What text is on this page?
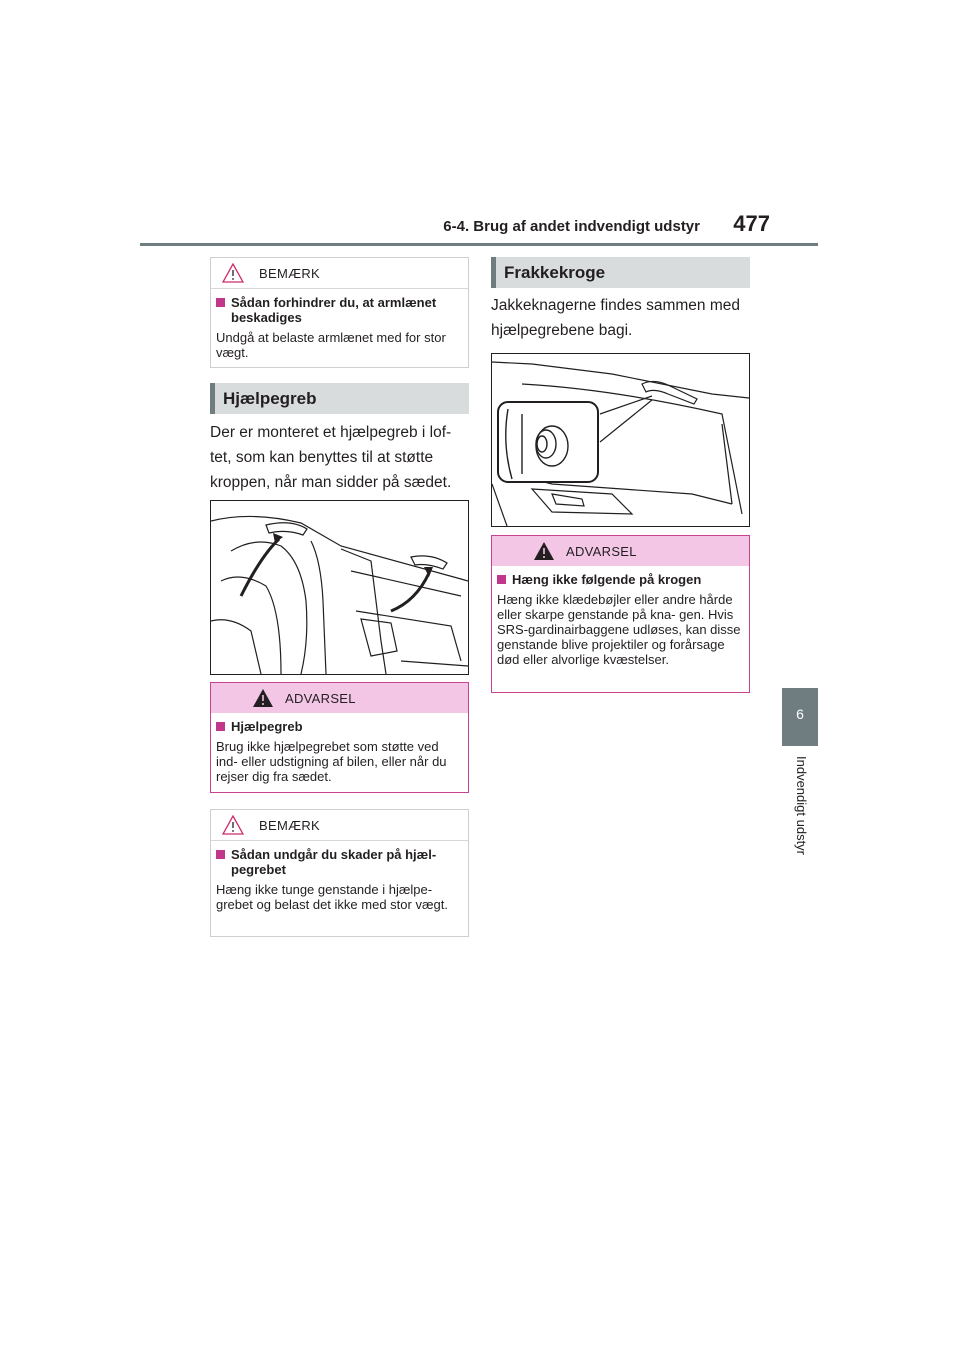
6-4. Brug af andet indvendigt udstyr	477
6
Indvendigt udstyr
BEMÆRK
Sådan forhindrer du, at armlænet beskadiges
Undgå at belaste armlænet med for stor vægt.
Hjælpegreb
Der er monteret et hjælpegreb i lof- tet, som kan benyttes til at støtte kroppen, når man sidder på sædet.
ADVARSEL
Hjælpegreb
Brug ikke hjælpegrebet som støtte ved ind- eller udstigning af bilen, eller når du rejser dig fra sædet.
BEMÆRK
Sådan undgår du skader på hjæl- pegrebet
Hæng ikke tunge genstande i hjælpe- grebet og belast det ikke med stor vægt.
Frakkekroge
Jakkeknagerne findes sammen med hjælpegrebene bagi.
ADVARSEL
Hæng ikke følgende på krogen
Hæng ikke klædebøjler eller andre hårde eller skarpe genstande på kna- gen. Hvis SRS-gardinairbaggene udløses, kan disse genstande blive projektiler og forårsage død eller alvorlige kvæstelser.
